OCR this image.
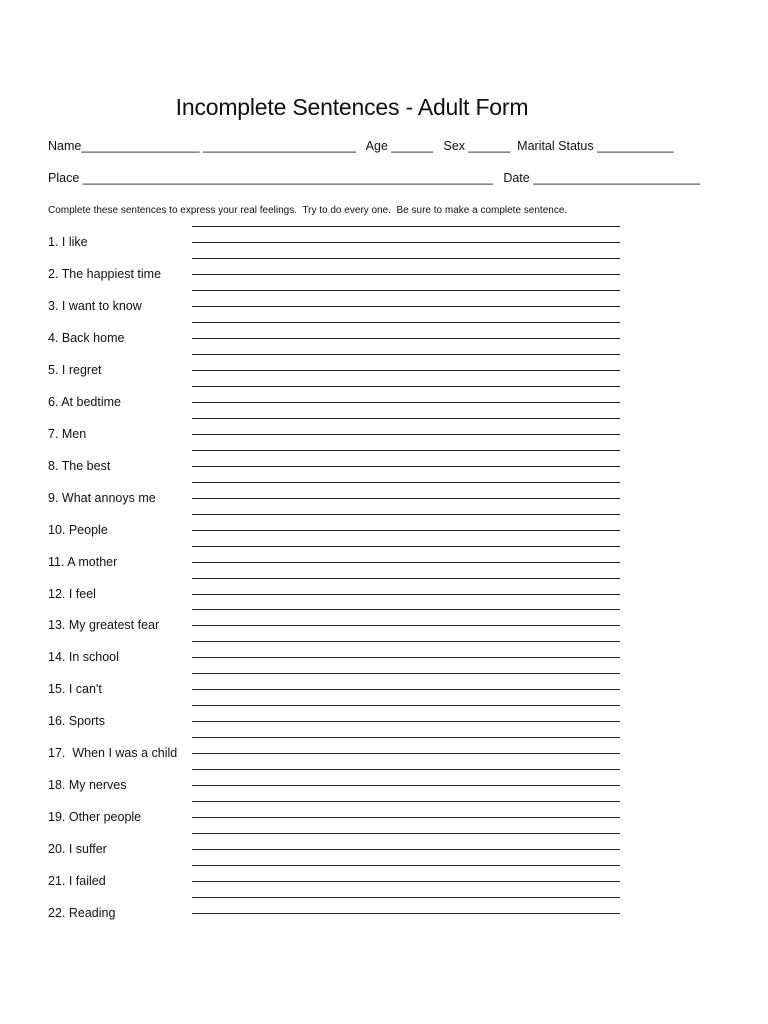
Incomplete Sentences - Adult Form
Name_________________ ______________________   Age ______   Sex ______  Marital Status ___________
Place ___________________________________________________________   Date ________________________
Complete these sentences to express your real feelings.  Try to do every one.  Be sure to make a complete sentence.
1. I like
2. The happiest time
3. I want to know
4. Back home
5. I regret
6. At bedtime
7. Men
8. The best
9. What annoys me
10. People
11. A mother
12. I feel
13. My greatest fear
14. In school
15. I can't
16. Sports
17.  When I was a child
18. My nerves
19. Other people
20. I suffer
21. I failed
22. Reading
